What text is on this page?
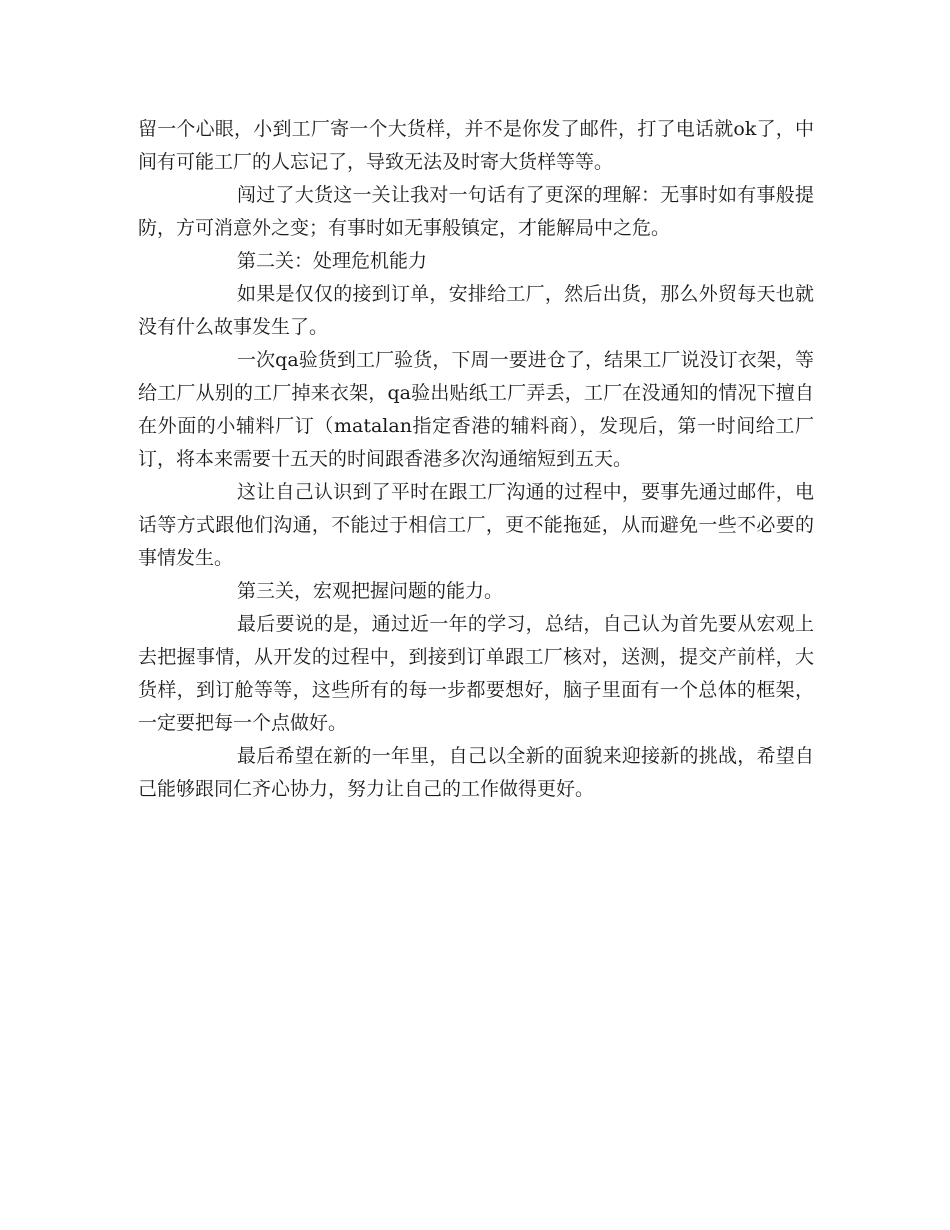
留一个心眼，小到工厂寄一个大货样，并不是你发了邮件，打了电话就ok了，中间有可能工厂的人忘记了，导致无法及时寄大货样等等。

闯过了大货这一关让我对一句话有了更深的理解：无事时如有事般提防，方可消意外之变；有事时如无事般镇定，才能解局中之危。

第二关：处理危机能力

如果是仅仅的接到订单，安排给工厂，然后出货，那么外贸每天也就没有什么故事发生了。

一次qa验货到工厂验货，下周一要进仓了，结果工厂说没订衣架，等给工厂从别的工厂掉来衣架，qa验出贴纸工厂弄丢，工厂在没通知的情况下擅自在外面的小辅料厂订（matalan指定香港的辅料商），发现后，第一时间给工厂订，将本来需要十五天的时间跟香港多次沟通缩短到五天。

这让自己认识到了平时在跟工厂沟通的过程中，要事先通过邮件，电话等方式跟他们沟通，不能过于相信工厂，更不能拖延，从而避免一些不必要的事情发生。

第三关，宏观把握问题的能力。

最后要说的是，通过近一年的学习，总结，自己认为首先要从宏观上去把握事情，从开发的过程中，到接到订单跟工厂核对，送测，提交产前样，大货样，到订舱等等，这些所有的每一步都要想好，脑子里面有一个总体的框架，一定要把每一个点做好。

最后希望在新的一年里，自己以全新的面貌来迎接新的挑战，希望自己能够跟同仁齐心协力，努力让自己的工作做得更好。
